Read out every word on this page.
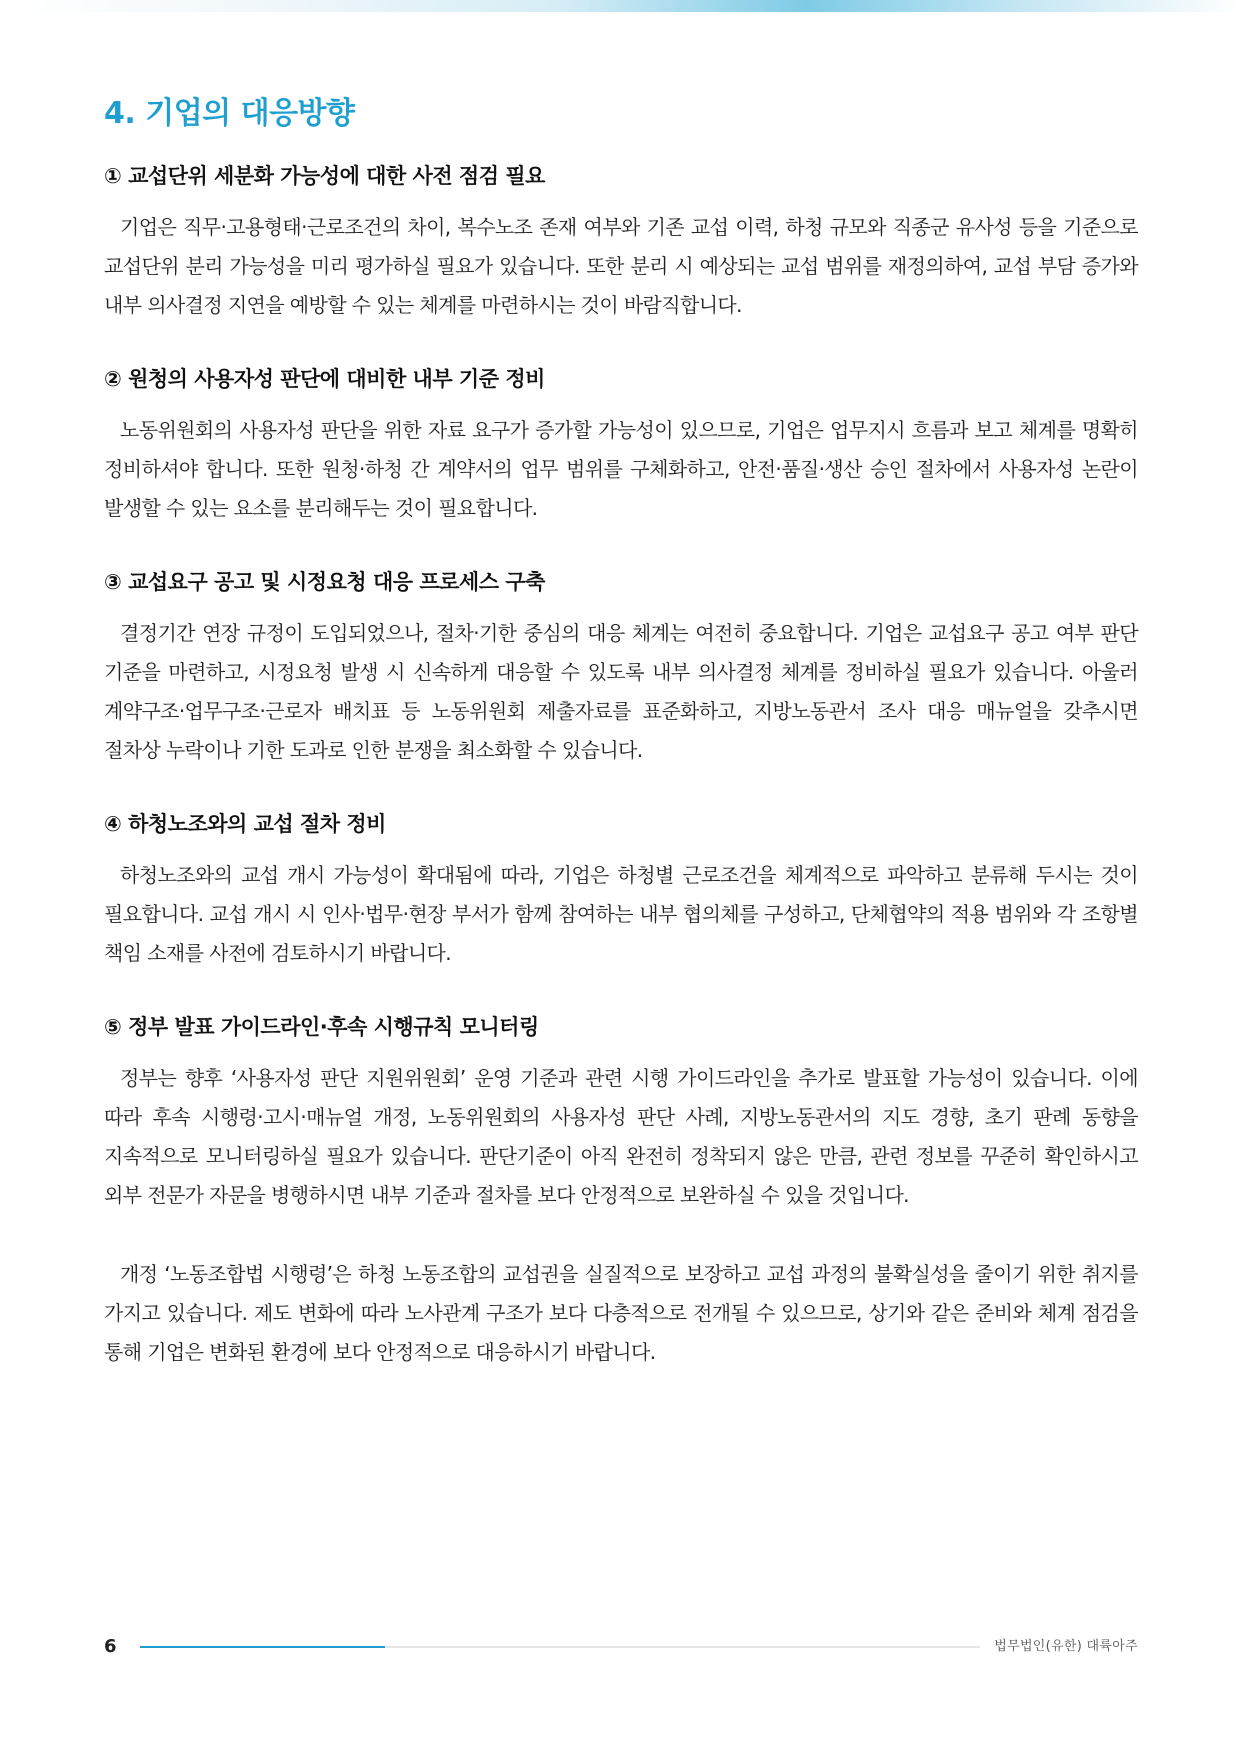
4. 기업의 대응방향
① 교섭단위 세분화 가능성에 대한 사전 점검 필요

기업은 직무·고용형태·근로조건의 차이, 복수노조 존재 여부와 기존 교섭 이력, 하청 규모와 직종군 유사성 등을 기준으로 교섭단위 분리 가능성을 미리 평가하실 필요가 있습니다. 또한 분리 시 예상되는 교섭 범위를 재정의하여, 교섭 부담 증가와 내부 의사결정 지연을 예방할 수 있는 체계를 마련하시는 것이 바람직합니다.

② 원청의 사용자성 판단에 대비한 내부 기준 정비

노동위원회의 사용자성 판단을 위한 자료 요구가 증가할 가능성이 있으므로, 기업은 업무지시 흐름과 보고 체계를 명확히 정비하셔야 합니다. 또한 원청·하청 간 계약서의 업무 범위를 구체화하고, 안전·품질·생산 승인 절차에서 사용자성 논란이 발생할 수 있는 요소를 분리해두는 것이 필요합니다.

③ 교섭요구 공고 및 시정요청 대응 프로세스 구축

결정기간 연장 규정이 도입되었으나, 절차·기한 중심의 대응 체계는 여전히 중요합니다. 기업은 교섭요구 공고 여부 판단 기준을 마련하고, 시정요청 발생 시 신속하게 대응할 수 있도록 내부 의사결정 체계를 정비하실 필요가 있습니다. 아울러 계약구조·업무구조·근로자 배치표 등 노동위원회 제출자료를 표준화하고, 지방노동관서 조사 대응 매뉴얼을 갖추시면 절차상 누락이나 기한 도과로 인한 분쟁을 최소화할 수 있습니다.

④ 하청노조와의 교섭 절차 정비

하청노조와의 교섭 개시 가능성이 확대됨에 따라, 기업은 하청별 근로조건을 체계적으로 파악하고 분류해 두시는 것이 필요합니다. 교섭 개시 시 인사·법무·현장 부서가 함께 참여하는 내부 협의체를 구성하고, 단체협약의 적용 범위와 각 조항별 책임 소재를 사전에 검토하시기 바랍니다.

⑤ 정부 발표 가이드라인·후속 시행규칙 모니터링

정부는 향후 ‘사용자성 판단 지원위원회’ 운영 기준과 관련 시행 가이드라인을 추가로 발표할 가능성이 있습니다. 이에 따라 후속 시행령·고시·매뉴얼 개정, 노동위원회의 사용자성 판단 사례, 지방노동관서의 지도 경향, 초기 판례 동향을 지속적으로 모니터링하실 필요가 있습니다. 판단기준이 아직 완전히 정착되지 않은 만큼, 관련 정보를 꾸준히 확인하시고 외부 전문가 자문을 병행하시면 내부 기준과 절차를 보다 안정적으로 보완하실 수 있을 것입니다.

개정 ‘노동조합법 시행령’은 하청 노동조합의 교섭권을 실질적으로 보장하고 교섭 과정의 불확실성을 줄이기 위한 취지를 가지고 있습니다. 제도 변화에 따라 노사관계 구조가 보다 다층적으로 전개될 수 있으므로, 상기와 같은 준비와 체계 점검을 통해 기업은 변화된 환경에 보다 안정적으로 대응하시기 바랍니다.

6	법무법인(유한) 대륙아주
